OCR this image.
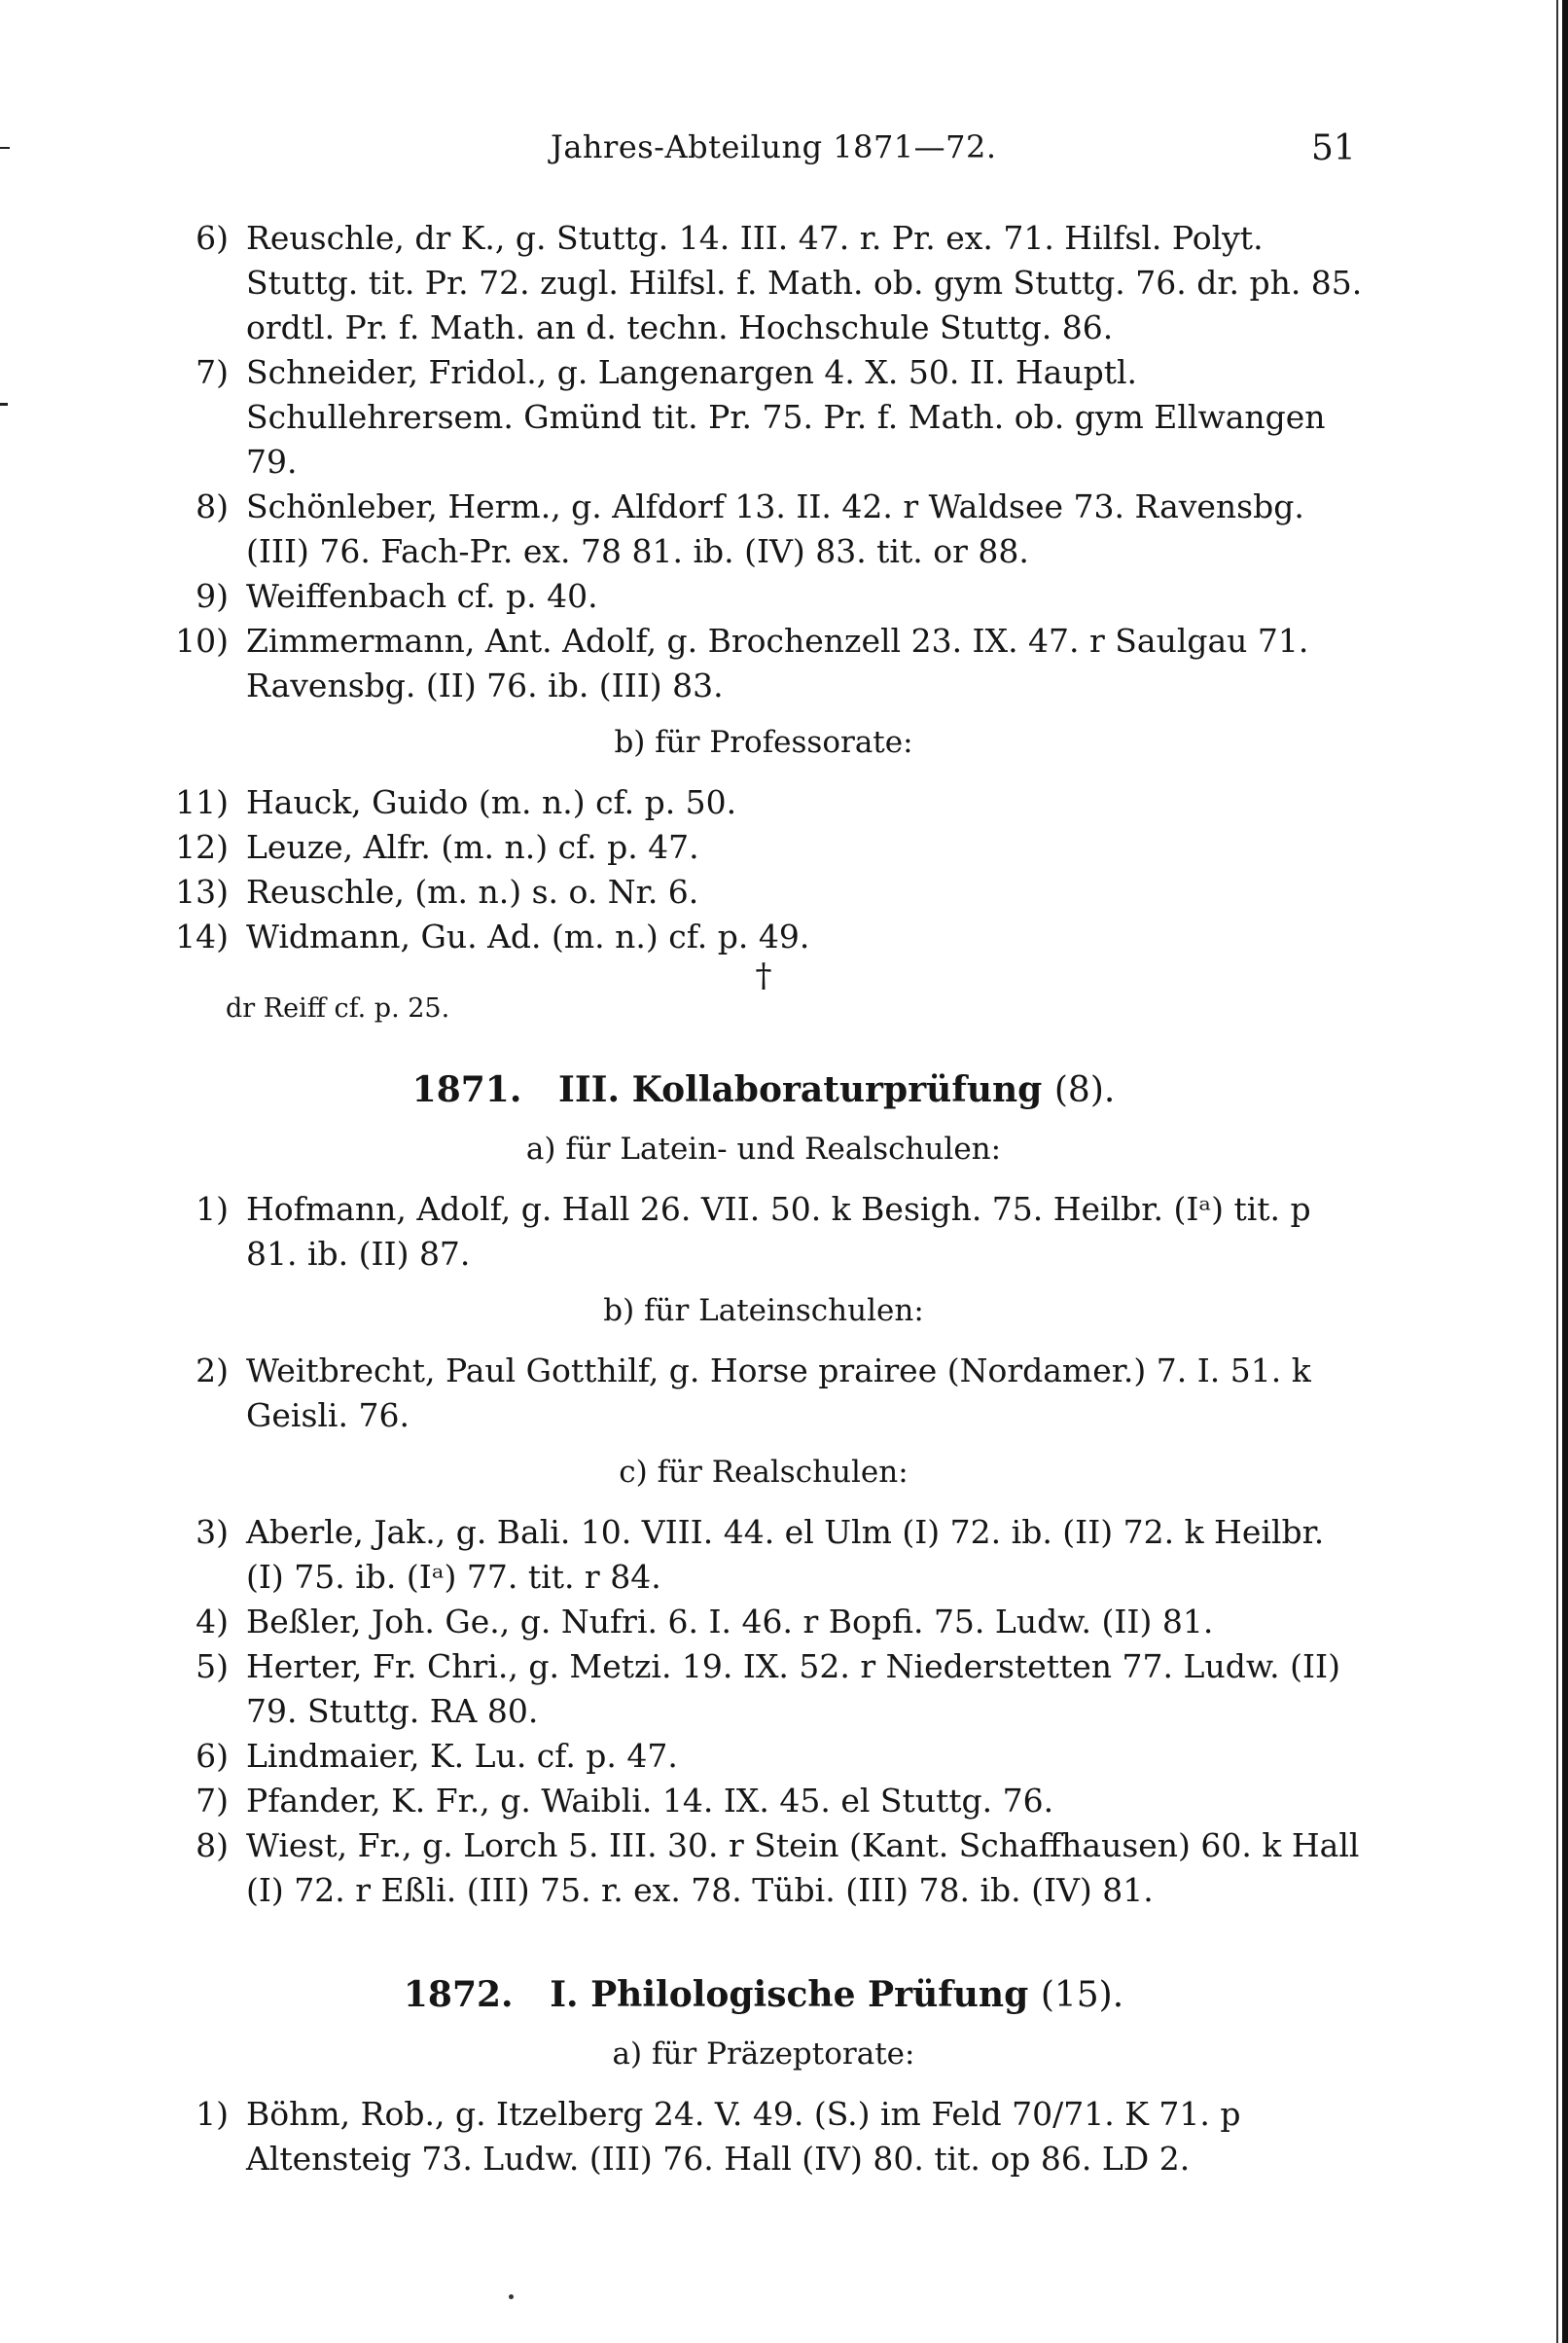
Jahres-Abteilung 1871—72.	51
6) Reuschle, dr K., g. Stuttg. 14. III. 47. r. Pr. ex. 71. Hilfsl. Polyt. Stuttg. tit. Pr. 72. zugl. Hilfsl. f. Math. ob. gym Stuttg. 76. dr. ph. 85. ordtl. Pr. f. Math. an d. techn. Hochschule Stuttg. 86.
7) Schneider, Fridol., g. Langenargen 4. X. 50. II. Hauptl. Schullehrersem. Gmünd tit. Pr. 75. Pr. f. Math. ob. gym Ellwangen 79.
8) Schönleber, Herm., g. Alfdorf 13. II. 42. r Waldsee 73. Ravensbg. (III) 76. Fach-Pr. ex. 78 81. ib. (IV) 83. tit. or 88.
9) Weiffenbach cf. p. 40.
10) Zimmermann, Ant. Adolf, g. Brochenzell 23. IX. 47. r Saulgau 71. Ravensbg. (II) 76. ib. (III) 83.
b) für Professorate:
11) Hauck, Guido (m. n.) cf. p. 50.
12) Leuze, Alfr. (m. n.) cf. p. 47.
13) Reuschle, (m. n.) s. o. Nr. 6.
14) Widmann, Gu. Ad. (m. n.) cf. p. 49.
†
dr Reiff cf. p. 25.
1871. III. Kollaboraturprüfung (8).
a) für Latein- und Realschulen:
1) Hofmann, Adolf, g. Hall 26. VII. 50. k Besigh. 75. Heilbr. (Iᵃ) tit. p 81. ib. (II) 87.
b) für Lateinschulen:
2) Weitbrecht, Paul Gotthilf, g. Horse prairee (Nordamer.) 7. I. 51. k Geisli. 76.
c) für Realschulen:
3) Aberle, Jak., g. Bali. 10. VIII. 44. el Ulm (I) 72. ib. (II) 72. k Heilbr. (I) 75. ib. (Iᵃ) 77. tit. r 84.
4) Beßler, Joh. Ge., g. Nufri. 6. I. 46. r Bopfi. 75. Ludw. (II) 81.
5) Herter, Fr. Chri., g. Metzi. 19. IX. 52. r Niederstetten 77. Ludw. (II) 79. Stuttg. RA 80.
6) Lindmaier, K. Lu. cf. p. 47.
7) Pfander, K. Fr., g. Waibli. 14. IX. 45. el Stuttg. 76.
8) Wiest, Fr., g. Lorch 5. III. 30. r Stein (Kant. Schaffhausen) 60. k Hall (I) 72. r Eßli. (III) 75. r. ex. 78. Tübi. (III) 78. ib. (IV) 81.
1872. I. Philologische Prüfung (15).
a) für Präzeptorate:
1) Böhm, Rob., g. Itzelberg 24. V. 49. (S.) im Feld 70/71. K 71. p Altensteig 73. Ludw. (III) 76. Hall (IV) 80. tit. op 86. LD 2.
